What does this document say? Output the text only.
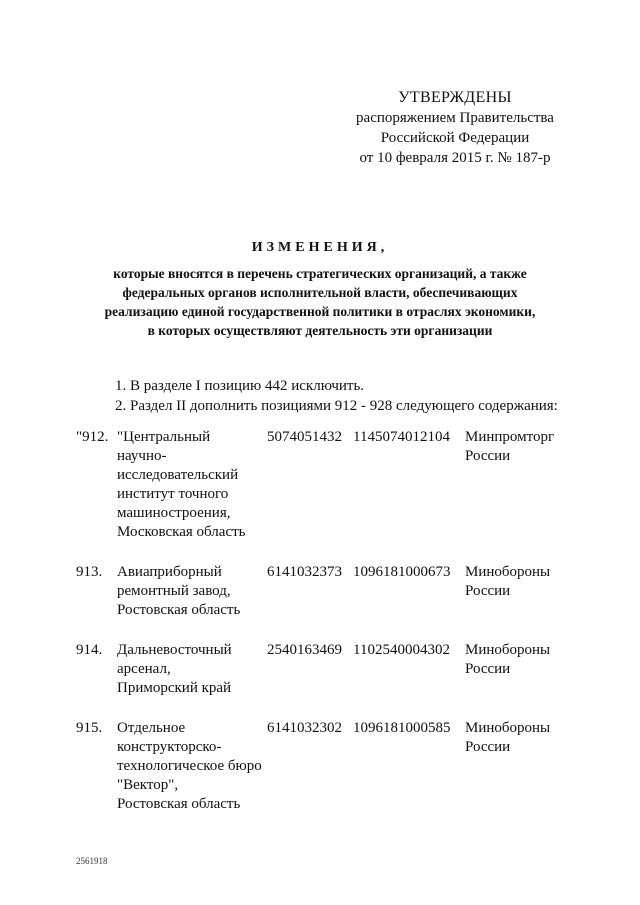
УТВЕРЖДЕНЫ
распоряжением Правительства
Российской Федерации
от 10 февраля 2015 г. № 187-р
ИЗМЕНЕНИЯ,
которые вносятся в перечень стратегических организаций, а также
федеральных органов исполнительной власти, обеспечивающих
реализацию единой государственной политики в отраслях экономики,
в которых осуществляют деятельность эти организации
1. В разделе I позицию 442 исключить.
2. Раздел II дополнить позициями 912 - 928 следующего содержания:
"912. "Центральный
научно-
исследовательский
институт точного
машиностроения,
Московская область
5074051432 1145074012104	Минпромторг
России
913. Авиаприборный
ремонтный завод,
Ростовская область
6141032373 1096181000673 Минобороны
России
914. Дальневосточный
арсенал,
Приморский край
2540163469 1102540004302	Минобороны
России
915. Отдельное
конструкторско-
технологическое бюро
"Вектор",
Ростовская область
6141032302 1096181000585 Минобороны
России
2561918
